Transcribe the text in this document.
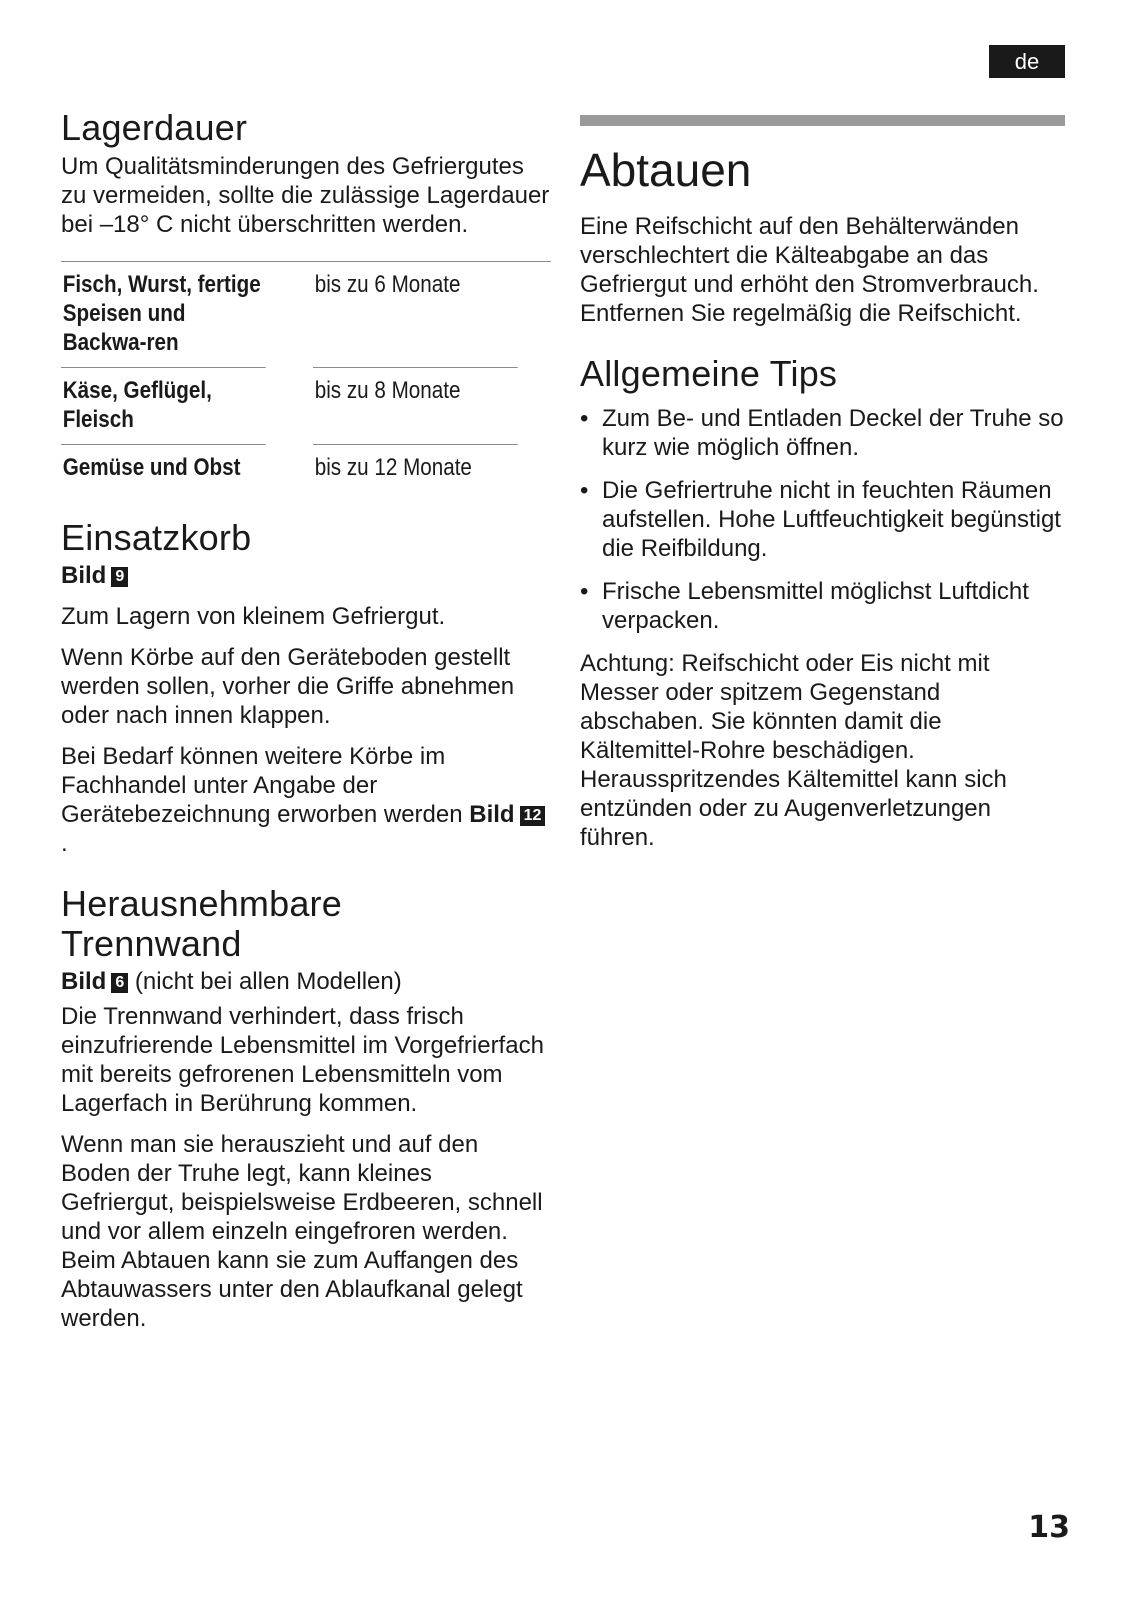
de
Lagerdauer

Um Qualitätsminderungen des Gefriergutes zu vermeiden, sollte die zulässige Lagerdauer bei –18° C nicht überschritten werden.

Fisch, Wurst, fertige Speisen und Backwa-ren
bis zu 6 Monate
Käse, Geflügel, Fleisch
bis zu 8 Monate
Gemüse und Obst	bis zu 12 Monate
Einsatzkorb

Bild 9

Zum Lagern von kleinem Gefriergut.

Wenn Körbe auf den Geräteboden gestellt werden sollen, vorher die Griffe abnehmen oder nach innen klappen.

Bei Bedarf können weitere Körbe im Fachhandel unter Angabe der Gerätebezeichnung erworben werden Bild 12.

Herausnehmbare
Trennwand

Bild 6 (nicht bei allen Modellen)

Die Trennwand verhindert, dass frisch einzufrierende Lebensmittel im Vorgefrierfach mit bereits gefrorenen Lebensmitteln vom Lagerfach in Berührung kommen.

Wenn man sie herauszieht und auf den Boden der Truhe legt, kann kleines Gefriergut, beispielsweise Erdbeeren, schnell und vor allem einzeln eingefroren werden. Beim Abtauen kann sie zum Auffangen des Abtauwassers unter den Ablaufkanal gelegt werden.

Abtauen

Eine Reifschicht auf den Behälterwänden verschlechtert die Kälteabgabe an das Gefriergut und erhöht den Stromverbrauch. Entfernen Sie regelmäßig die Reifschicht.

Allgemeine Tips
• Zum Be- und Entladen Deckel der Truhe so kurz wie möglich öffnen.
• Die Gefriertruhe nicht in feuchten Räumen aufstellen. Hohe Luftfeuchtigkeit begünstigt die Reifbildung.
• Frische Lebensmittel möglichst Luftdicht verpacken.

Achtung: Reifschicht oder Eis nicht mit Messer oder spitzem Gegenstand abschaben. Sie könnten damit die Kältemittel-Rohre beschädigen. Herausspritzendes Kältemittel kann sich entzünden oder zu Augenverletzungen führen.

13
